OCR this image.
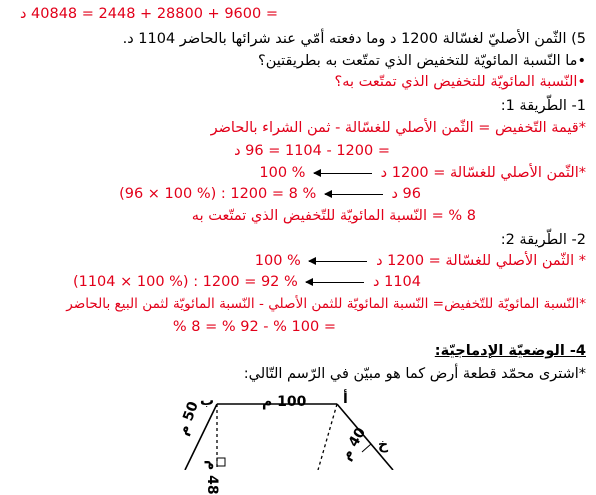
= 9600 + 28800 + 2448 = 40848 د
5) الثّمن الأصليّ لغسّالة 1200 د وما دفعته أمّي عند شرائها بالحاضر 1104 د.
•ما النّسبة المائويّة للتخفيض الذي تمتّعت به بطريقتين؟
•النّسبة المائويّة للتخفيض الذي تمتّعت به؟
1- الطّريقة 1:
*قيمة التّخفيض = الثّمن الأصلي للغسّالة - ثمن الشراء بالحاضر
= 1200 - 1104 = 96 د
*الثّمن الأصلي للغسّالة = 1200 د  100 %
96 د  (96 × 100 %) : 1200 = 8 %
8 % = النّسبة المائويّة للتّخفيض الذي تمتّعت به
2- الطّريقة 2:
* الثّمن الأصلي للغسّالة = 1200 د  100 %
1104 د  (1104 × 100 %) : 1200 = 92 %
*النّسبة المائويّة للتّخفيض= النّسبة المائويّة للثمن الأصلي - النّسبة المائويّة لثمن البيع بالحاضر
= 100 % - 92 % = 8 %
4- الوضعيّة الإدماجيّة:
*اشترى محمّد قطعة أرض كما هو مبيّن في الرّسم التّالي:
ب	أ
خ
100 م
50 م
48 م
40 م
